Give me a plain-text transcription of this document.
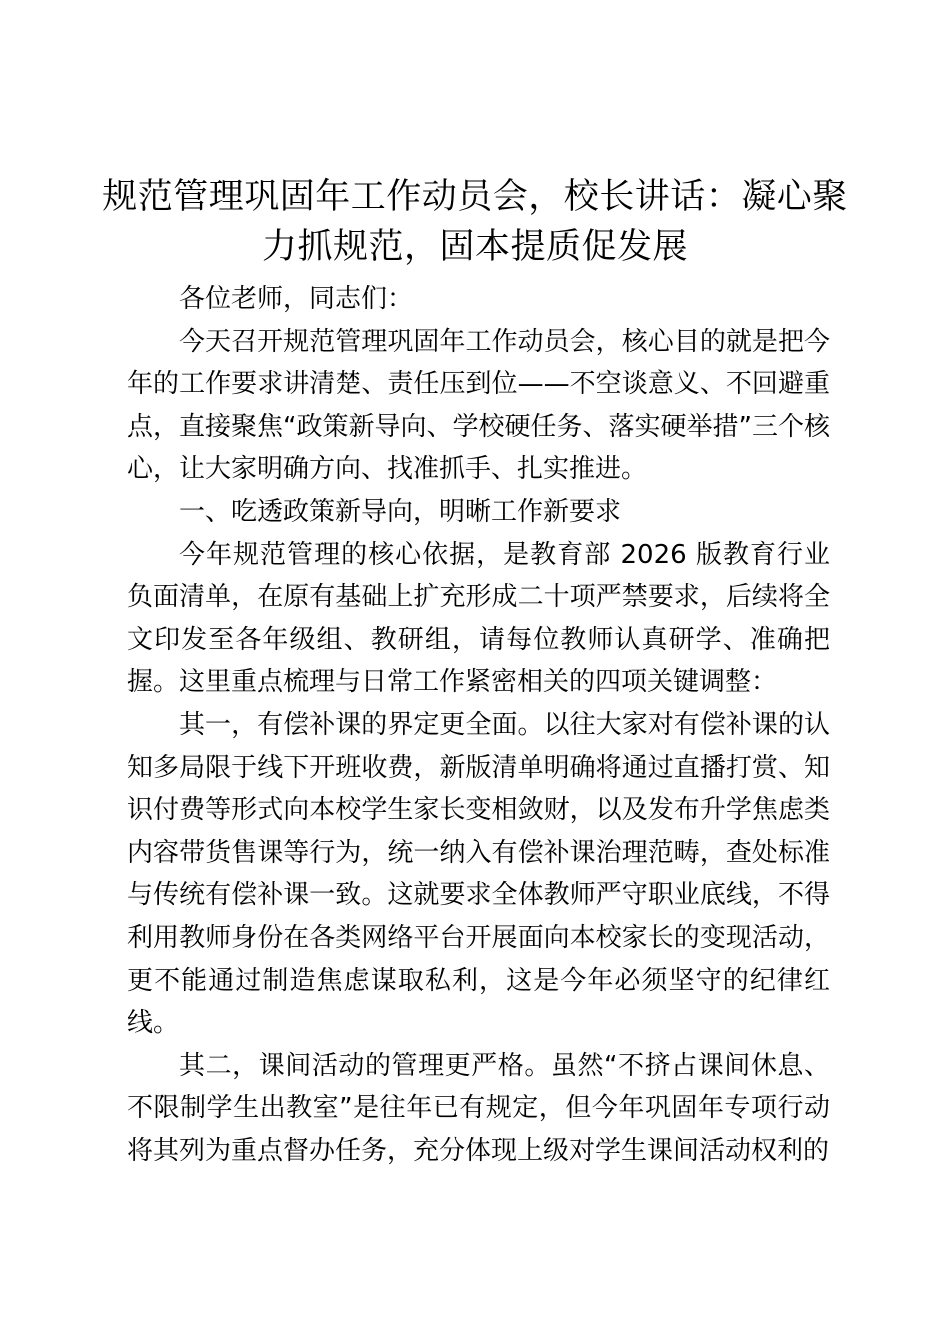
规范管理巩固年工作动员会，校长讲话：凝心聚力抓规范，固本提质促发展

各位老师，同志们：

今天召开规范管理巩固年工作动员会，核心目的就是把今年的工作要求讲清楚、责任压到位——不空谈意义、不回避重点，直接聚焦“政策新导向、学校硬任务、落实硬举措”三个核心，让大家明确方向、找准抓手、扎实推进。

一、吃透政策新导向，明晰工作新要求

今年规范管理的核心依据，是教育部 2026 版教育行业负面清单，在原有基础上扩充形成二十项严禁要求，后续将全文印发至各年级组、教研组，请每位教师认真研学、准确把握。这里重点梳理与日常工作紧密相关的四项关键调整：

其一，有偿补课的界定更全面。以往大家对有偿补课的认知多局限于线下开班收费，新版清单明确将通过直播打赏、知识付费等形式向本校学生家长变相敛财，以及发布升学焦虑类内容带货售课等行为，统一纳入有偿补课治理范畴，查处标准与传统有偿补课一致。这就要求全体教师严守职业底线，不得利用教师身份在各类网络平台开展面向本校家长的变现活动，更不能通过制造焦虑谋取私利，这是今年必须坚守的纪律红线。

其二，课间活动的管理更严格。虽然“不挤占课间休息、不限制学生出教室”是往年已有规定，但今年巩固年专项行动将其列为重点督办任务，充分体现上级对学生课间活动权利的
